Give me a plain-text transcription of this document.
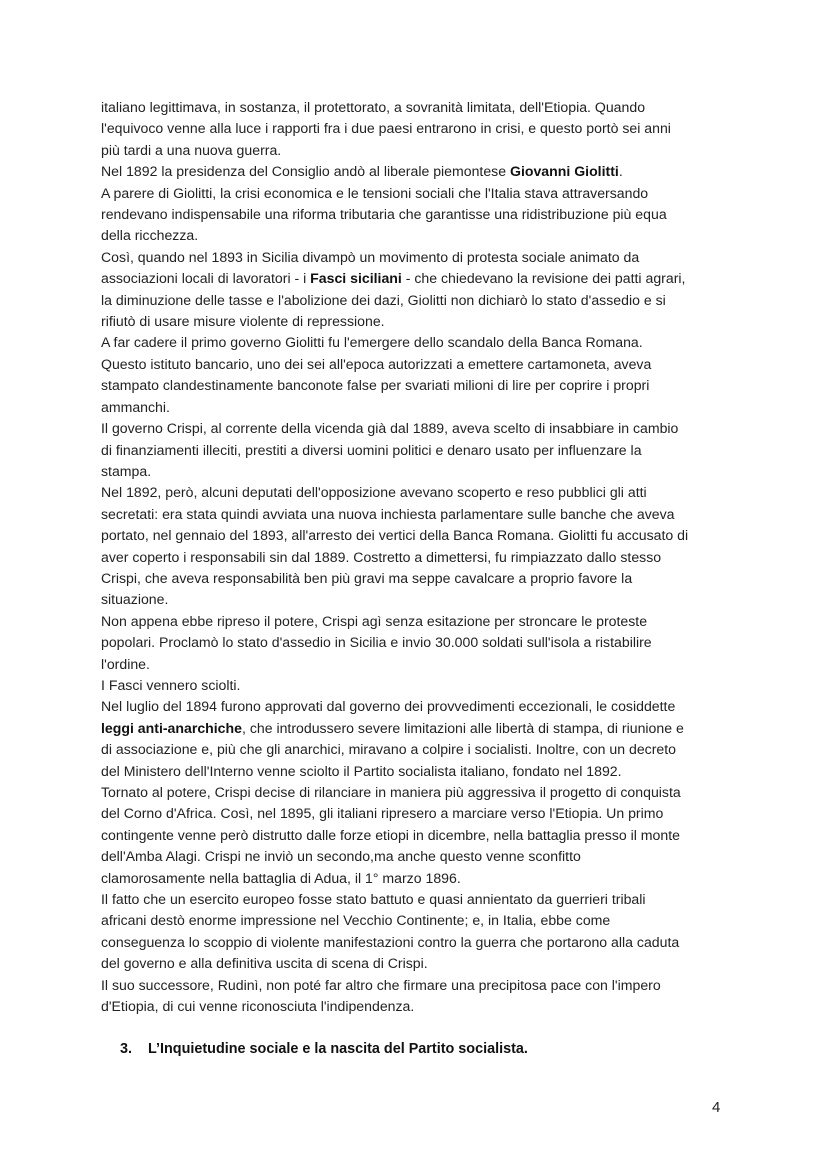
italiano legittimava, in sostanza, il protettorato, a sovranità limitata, dell'Etiopia. Quando
l'equivoco venne alla luce i rapporti fra i due paesi entrarono in crisi, e questo portò sei anni
più tardi a una nuova guerra.
Nel 1892 la presidenza del Consiglio andò al liberale piemontese Giovanni Giolitti.
A parere di Giolitti, la crisi economica e le tensioni sociali che l'Italia stava attraversando
rendevano indispensabile una riforma tributaria che garantisse una ridistribuzione più equa
della ricchezza.
Così, quando nel 1893 in Sicilia divampò un movimento di protesta sociale animato da
associazioni locali di lavoratori - i Fasci siciliani - che chiedevano la revisione dei patti agrari,
la diminuzione delle tasse e l'abolizione dei dazi, Giolitti non dichiarò lo stato d'assedio e si
rifiutò di usare misure violente di repressione.
A far cadere il primo governo Giolitti fu l'emergere dello scandalo della Banca Romana.
Questo istituto bancario, uno dei sei all'epoca autorizzati a emettere cartamoneta, aveva
stampato clandestinamente banconote false per svariati milioni di lire per coprire i propri
ammanchi.
Il governo Crispi, al corrente della vicenda già dal 1889, aveva scelto di insabbiare in cambio
di finanziamenti illeciti, prestiti a diversi uomini politici e denaro usato per influenzare la
stampa.
Nel 1892, però, alcuni deputati dell'opposizione avevano scoperto e reso pubblici gli atti
secretati: era stata quindi avviata una nuova inchiesta parlamentare sulle banche che aveva
portato, nel gennaio del 1893, all'arresto dei vertici della Banca Romana. Giolitti fu accusato di
aver coperto i responsabili sin dal 1889. Costretto a dimettersi, fu rimpiazzato dallo stesso
Crispi, che aveva responsabilità ben più gravi ma seppe cavalcare a proprio favore la
situazione.
Non appena ebbe ripreso il potere, Crispi agì senza esitazione per stroncare le proteste
popolari. Proclamò lo stato d'assedio in Sicilia e invio 30.000 soldati sull'isola a ristabilire
l'ordine.
I Fasci vennero sciolti.
Nel luglio del 1894 furono approvati dal governo dei provvedimenti eccezionali, le cosiddette
leggi anti-anarchiche, che introdussero severe limitazioni alle libertà di stampa, di riunione e
di associazione e, più che gli anarchici, miravano a colpire i socialisti. Inoltre, con un decreto
del Ministero dell'Interno venne sciolto il Partito socialista italiano, fondato nel 1892.
Tornato al potere, Crispi decise di rilanciare in maniera più aggressiva il progetto di conquista
del Corno d'Africa. Così, nel 1895, gli italiani ripresero a marciare verso l'Etiopia. Un primo
contingente venne però distrutto dalle forze etiopi in dicembre, nella battaglia presso il monte
dell'Amba Alagi. Crispi ne inviò un secondo,ma anche questo venne sconfitto
clamorosamente nella battaglia di Adua, il 1° marzo 1896.
Il fatto che un esercito europeo fosse stato battuto e quasi annientato da guerrieri tribali
africani destò enorme impressione nel Vecchio Continente; e, in Italia, ebbe come
conseguenza lo scoppio di violente manifestazioni contro la guerra che portarono alla caduta
del governo e alla definitiva uscita di scena di Crispi.
Il suo successore, Rudinì, non poté far altro che firmare una precipitosa pace con l'impero
d'Etiopia, di cui venne riconosciuta l'indipendenza.
3. L’Inquietudine sociale e la nascita del Partito socialista.
4
